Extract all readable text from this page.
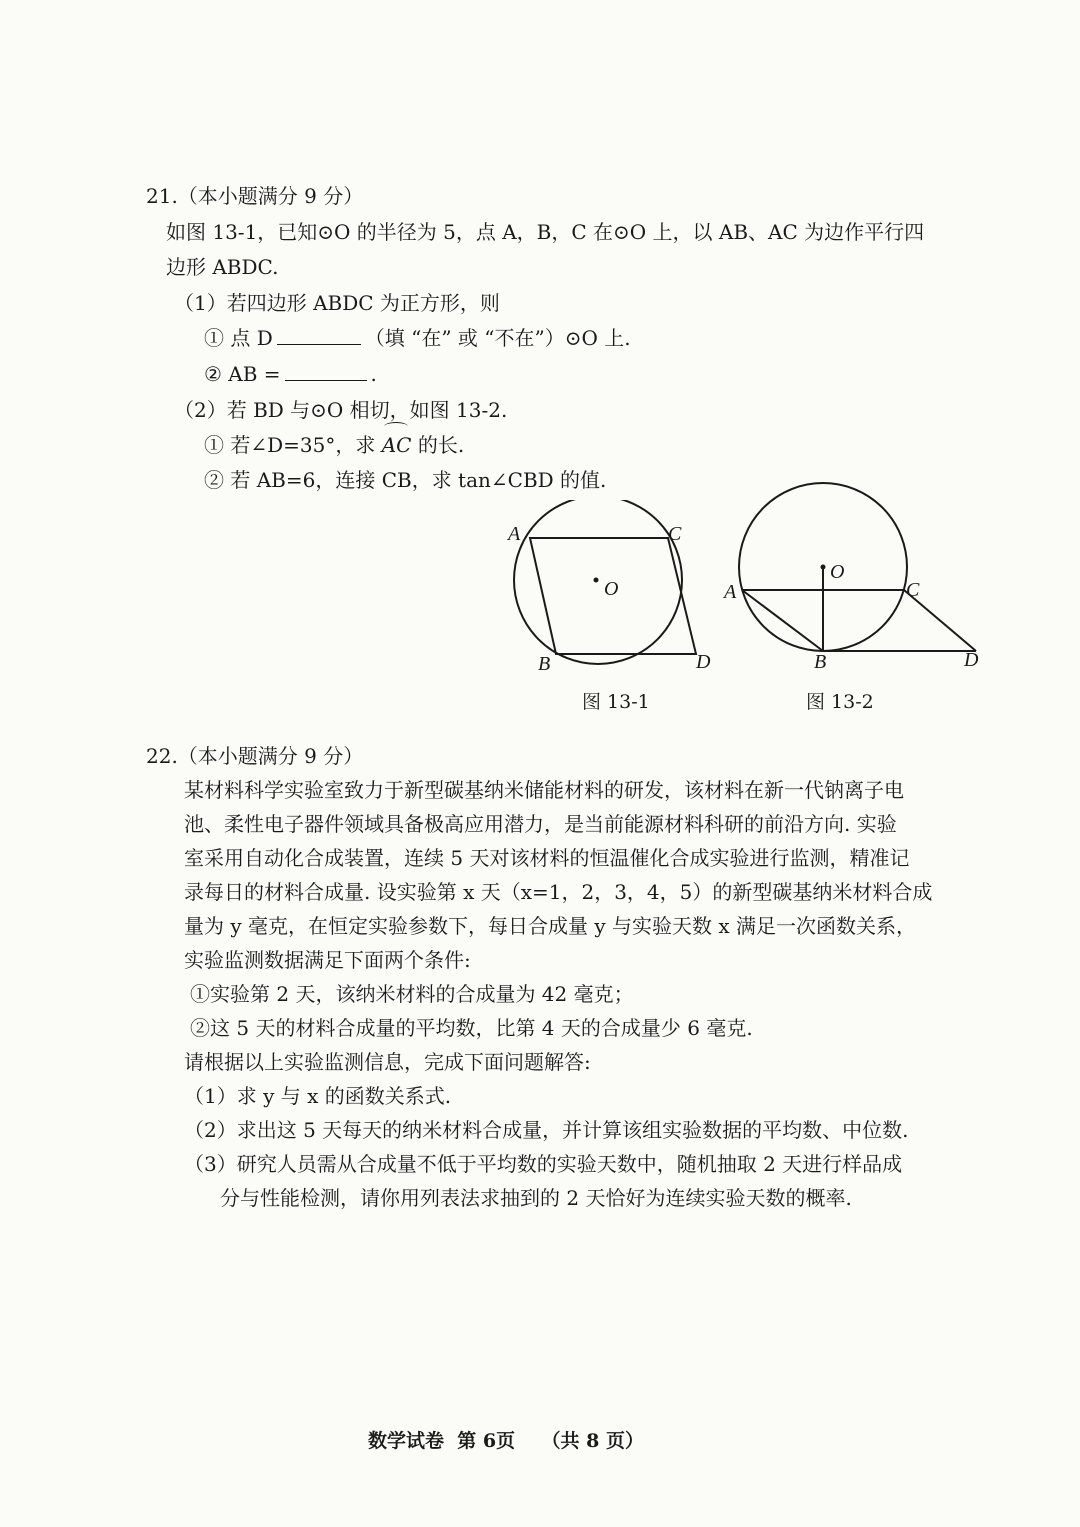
21.（本小题满分 9 分）
如图 13-1，已知⊙O 的半径为 5，点 A，B，C 在⊙O 上，以 AB、AC 为边作平行四
边形 ABDC.
（1）若四边形 ABDC 为正方形，则
① 点 D	（填 “在” 或 “不在”）⊙O 上.
② AB =	.
（2）若 BD 与⊙O 相切，如图 13-2.
① 若∠D=35°，求 AC 的长.
② 若 AB=6，连接 CB，求 tan∠CBD 的值.
A	C
O
B	D
图 13-1
O
A	C
B	D
图 13-2
22.（本小题满分 9 分）
某材料科学实验室致力于新型碳基纳米储能材料的研发，该材料在新一代钠离子电
池、柔性电子器件领域具备极高应用潜力，是当前能源材料科研的前沿方向. 实验
室采用自动化合成装置，连续 5 天对该材料的恒温催化合成实验进行监测，精准记
录每日的材料合成量. 设实验第 x 天（x=1，2，3，4，5）的新型碳基纳米材料合成
量为 y 毫克，在恒定实验参数下，每日合成量 y 与实验天数 x 满足一次函数关系，
实验监测数据满足下面两个条件:
①实验第 2 天，该纳米材料的合成量为 42 毫克；
②这 5 天的材料合成量的平均数，比第 4 天的合成量少 6 毫克.
请根据以上实验监测信息，完成下面问题解答:
（1）求 y 与 x 的函数关系式.
（2）求出这 5 天每天的纳米材料合成量，并计算该组实验数据的平均数、中位数.
（3）研究人员需从合成量不低于平均数的实验天数中，随机抽取 2 天进行样品成
分与性能检测，请你用列表法求抽到的 2 天恰好为连续实验天数的概率.
数学试卷  第 6页    （共 8 页）
